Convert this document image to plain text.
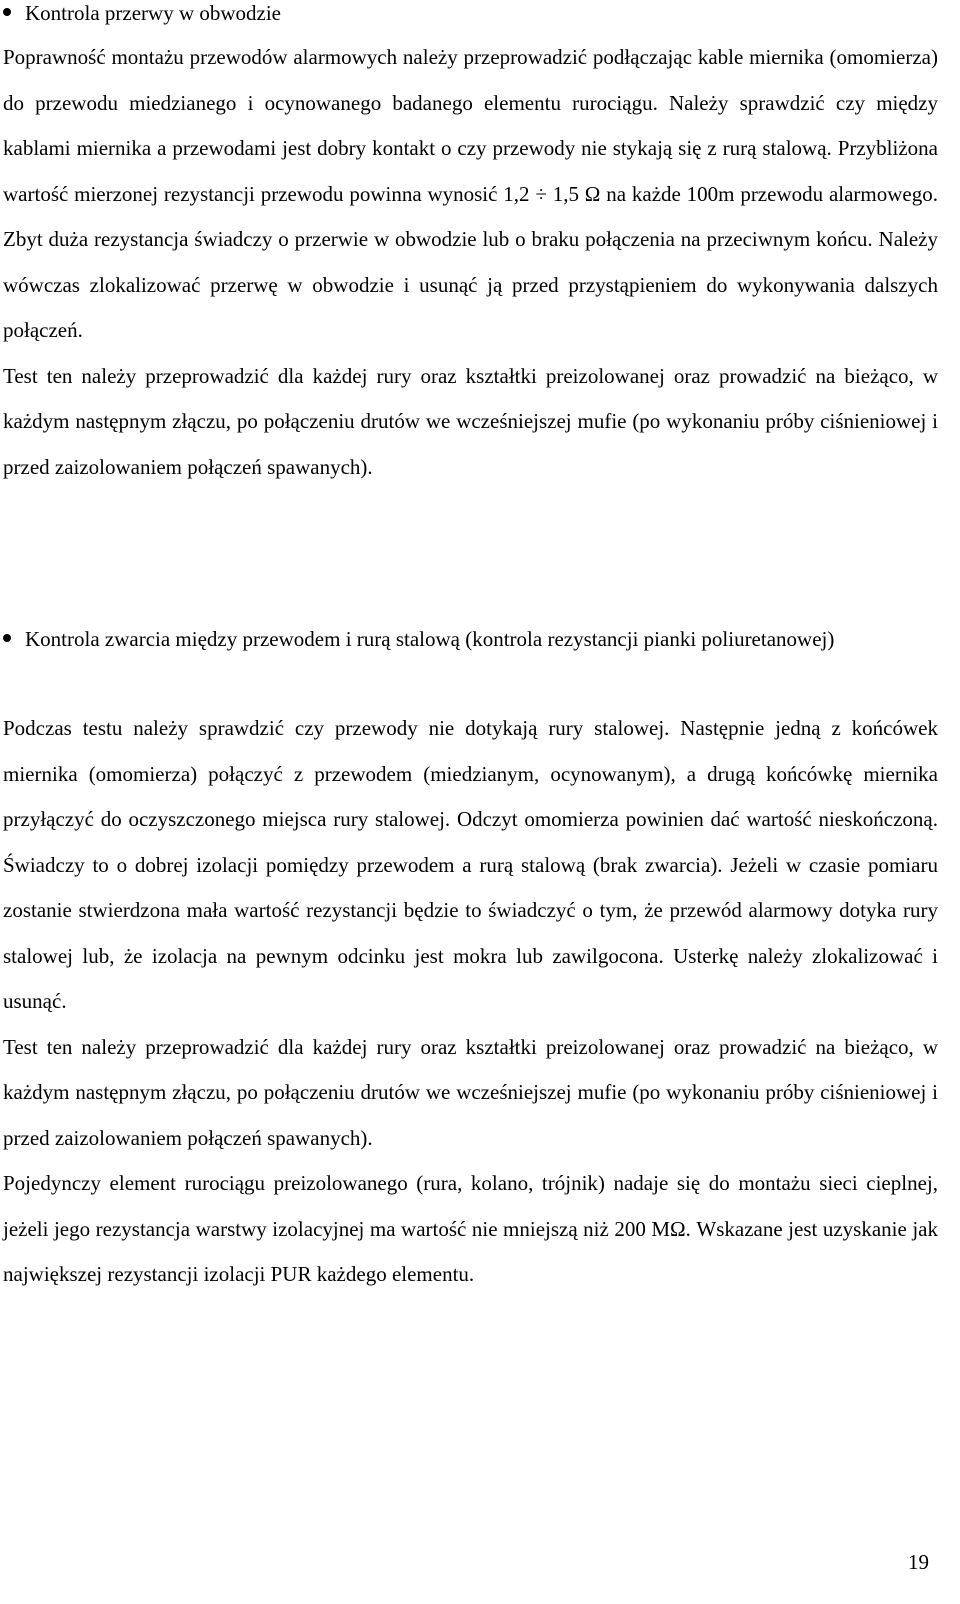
Kontrola przerwy w obwodzie

Poprawność montażu przewodów alarmowych należy przeprowadzić podłączając kable miernika (omomierza) do przewodu miedzianego i ocynowanego badanego elementu rurociągu. Należy sprawdzić czy między kablami miernika a przewodami jest dobry kontakt o czy przewody nie stykają się z rurą stalową. Przybliżona wartość mierzonej rezystancji przewodu powinna wynosić 1,2 ÷ 1,5 Ω na każde 100m przewodu alarmowego. Zbyt duża rezystancja świadczy o przerwie w obwodzie lub o braku połączenia na przeciwnym końcu. Należy wówczas zlokalizować przerwę w obwodzie i usunąć ją przed przystąpieniem do wykonywania dalszych połączeń.

Test ten należy przeprowadzić dla każdej rury oraz kształtki preizolowanej oraz prowadzić na bieżąco, w każdym następnym złączu, po połączeniu drutów we wcześniejszej mufie (po wykonaniu próby ciśnieniowej i przed zaizolowaniem połączeń spawanych).

Kontrola zwarcia między przewodem i rurą stalową (kontrola rezystancji pianki poliuretanowej)

Podczas testu należy sprawdzić czy przewody nie dotykają rury stalowej. Następnie jedną z końcówek miernika (omomierza) połączyć z przewodem (miedzianym, ocynowanym), a drugą końcówkę miernika przyłączyć do oczyszczonego miejsca rury stalowej. Odczyt omomierza powinien dać wartość nieskończoną. Świadczy to o dobrej izolacji pomiędzy przewodem a rurą stalową (brak zwarcia). Jeżeli w czasie pomiaru zostanie stwierdzona mała wartość rezystancji będzie to świadczyć o tym, że przewód alarmowy dotyka rury stalowej lub, że izolacja na pewnym odcinku jest mokra lub zawilgocona. Usterkę należy zlokalizować i usunąć.

Test ten należy przeprowadzić dla każdej rury oraz kształtki preizolowanej oraz prowadzić na bieżąco, w każdym następnym złączu, po połączeniu drutów we wcześniejszej mufie (po wykonaniu próby ciśnieniowej i przed zaizolowaniem połączeń spawanych).

Pojedynczy element rurociągu preizolowanego (rura, kolano, trójnik) nadaje się do montażu sieci cieplnej, jeżeli jego rezystancja warstwy izolacyjnej ma wartość nie mniejszą niż 200 MΩ. Wskazane jest uzyskanie jak największej rezystancji izolacji PUR każdego elementu.

19
